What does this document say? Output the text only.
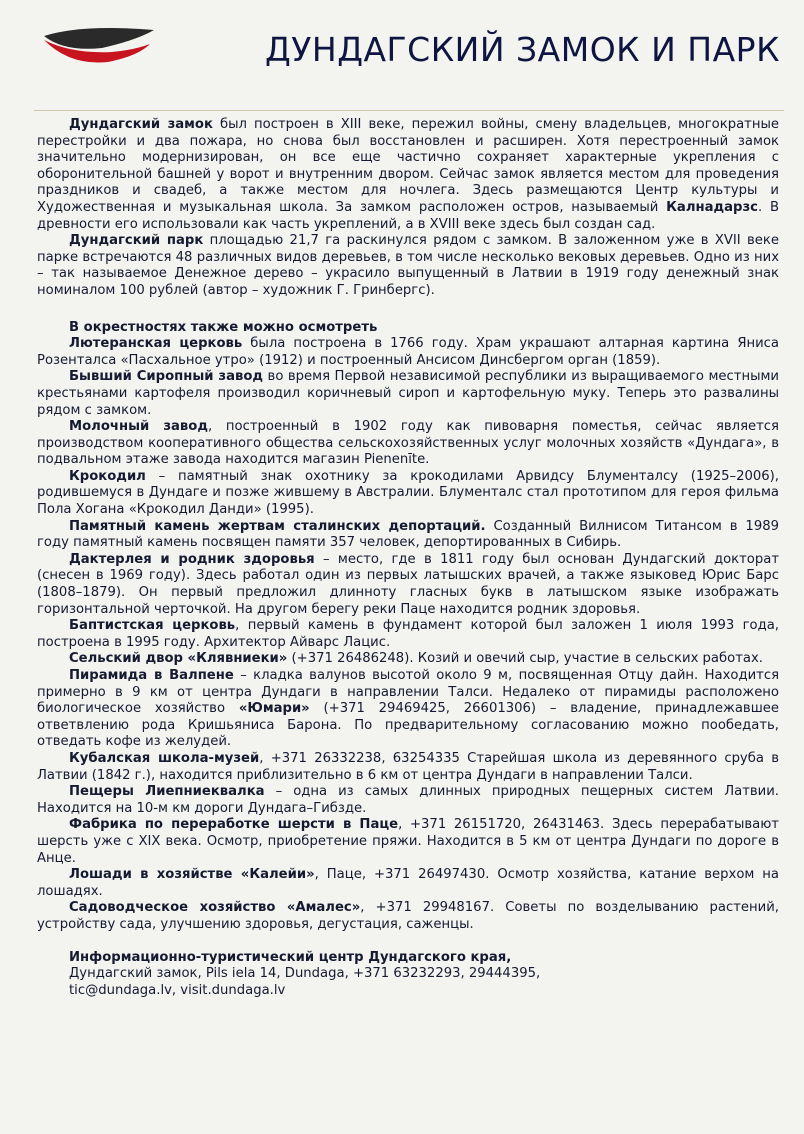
ДУНДАГСКИЙ ЗАМОК И ПАРК

Дундагский замок был построен в XIII веке, пережил войны, смену владельцев, многократные перестройки и два пожара, но снова был восстановлен и расширен. Хотя перестроенный замок значительно модернизирован, он все еще частично сохраняет характерные укрепления с оборонительной башней у ворот и внутренним двором. Сейчас замок является местом для проведения праздников и свадеб, а также местом для ночлега. Здесь размещаются Центр культуры и Художественная и музыкальная школа. За замком расположен остров, называемый Калнадарзс. В древности его использовали как часть укреплений, а в XVIII веке здесь был создан сад.

Дундагский парк площадью 21,7 га раскинулся рядом с замком. В заложенном уже в XVII веке парке встречаются 48 различных видов деревьев, в том числе несколько вековых деревьев. Одно из них – так называемое Денежное дерево – украсило выпущенный в Латвии в 1919 году денежный знак номиналом 100 рублей (автор – художник Г. Гринбергс).

В окрестностях также можно осмотреть

Лютеранская церковь была построена в 1766 году. Храм украшают алтарная картина Яниса Розенталса «Пасхальное утро» (1912) и построенный Ансисом Динсбергом орган (1859).

Бывший Сиропный завод во время Первой независимой республики из выращиваемого местными крестьянами картофеля производил коричневый сироп и картофельную муку. Теперь это развалины рядом с замком.

Молочный завод, построенный в 1902 году как пивоварня поместья, сейчас является производством кооперативного общества сельскохозяйственных услуг молочных хозяйств «Дундага», в подвальном этаже завода находится магазин Pienenīte.

Крокодил – памятный знак охотнику за крокодилами Арвидсу Блументалсу (1925–2006), родившемуся в Дундаге и позже жившему в Австралии. Блументалс стал прототипом для героя фильма Пола Хогана «Крокодил Данди» (1995).

Памятный камень жертвам сталинских депортаций. Созданный Вилнисом Титансом в 1989 году памятный камень посвящен памяти 357 человек, депортированных в Сибирь.

Дактерлея и родник здоровья – место, где в 1811 году был основан Дундагский докторат (снесен в 1969 году). Здесь работал один из первых латышских врачей, а также языковед Юрис Барс (1808–1879). Он первый предложил длинноту гласных букв в латышском языке изображать горизонтальной черточкой. На другом берегу реки Паце находится родник здоровья.

Баптистская церковь, первый камень в фундамент которой был заложен 1 июля 1993 года, построена в 1995 году. Архитектор Айварс Лацис.

Сельский двор «Клявниеки» (+371 26486248). Козий и овечий сыр, участие в сельских работах.

Пирамида в Валпене – кладка валунов высотой около 9 м, посвященная Отцу дайн. Находится примерно в 9 км от центра Дундаги в направлении Талси. Недалеко от пирамиды расположено биологическое хозяйство «Юмари» (+371 29469425, 26601306) – владение, принадлежавшее ответвлению рода Кришьяниса Барона. По предварительному согласованию можно пообедать, отведать кофе из желудей.

Кубалская школа-музей, +371 26332238, 63254335 Старейшая школа из деревянного сруба в Латвии (1842 г.), находится приблизительно в 6 км от центра Дундаги в направлении Талси.

Пещеры Лиепниеквалка – одна из самых длинных природных пещерных систем Латвии. Находится на 10-м км дороги Дундага–Гибзде.

Фабрика по переработке шерсти в Паце, +371 26151720, 26431463. Здесь перерабатывают шерсть уже с XIX века. Осмотр, приобретение пряжи. Находится в 5 км от центра Дундаги по дороге в Анце.

Лошади в хозяйстве «Калейи», Паце, +371 26497430. Осмотр хозяйства, катание верхом на лошадях.

Садоводческое хозяйство «Амалес», +371 29948167. Советы по возделыванию растений, устройству сада, улучшению здоровья, дегустация, саженцы.

Информационно-туристический центр Дундагского края,
Дундагский замок, Pils iela 14, Dundaga, +371 63232293, 29444395,
tic@dundaga.lv, visit.dundaga.lv
